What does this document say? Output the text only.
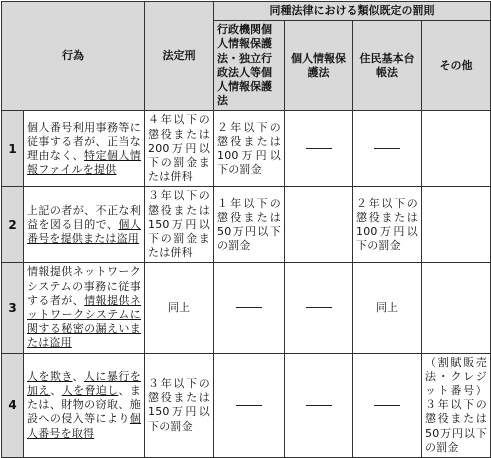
行為		法定刑	同種法律における類似既定の罰則			
			行政機関個人情報保護法・独立行政法人等個人情報保護法	個人情報保護法	住民基本台帳法	その他
1	個人番号利用事務等に従事する者が、正当な理由なく、特定個人情報ファイルを提供	４年以下の懲役または200万円以下の罰金または併科	２年以下の懲役または100万円以下の罰金			
2	上記の者が、不正な利益を図る目的で、個人番号を提供または盗用	３年以下の懲役または150万円以下の罰金または併科	１年以下の懲役または50万円以下の罰金		２年以下の懲役または100万円以下の罰金	
3	情報提供ネットワークシステムの事務に従事する者が、情報提供ネットワークシステムに関する秘密の漏えいまたは盗用	同上			同上	
4	人を欺き、人に暴行を加え、人を脅迫し、または、財物の窃取、施設への侵入等により個人番号を取得	３年以下の懲役または150万円以下の罰金				（割賦販売法・クレジット番号）３年以下の懲役または50万円以下の罰金
